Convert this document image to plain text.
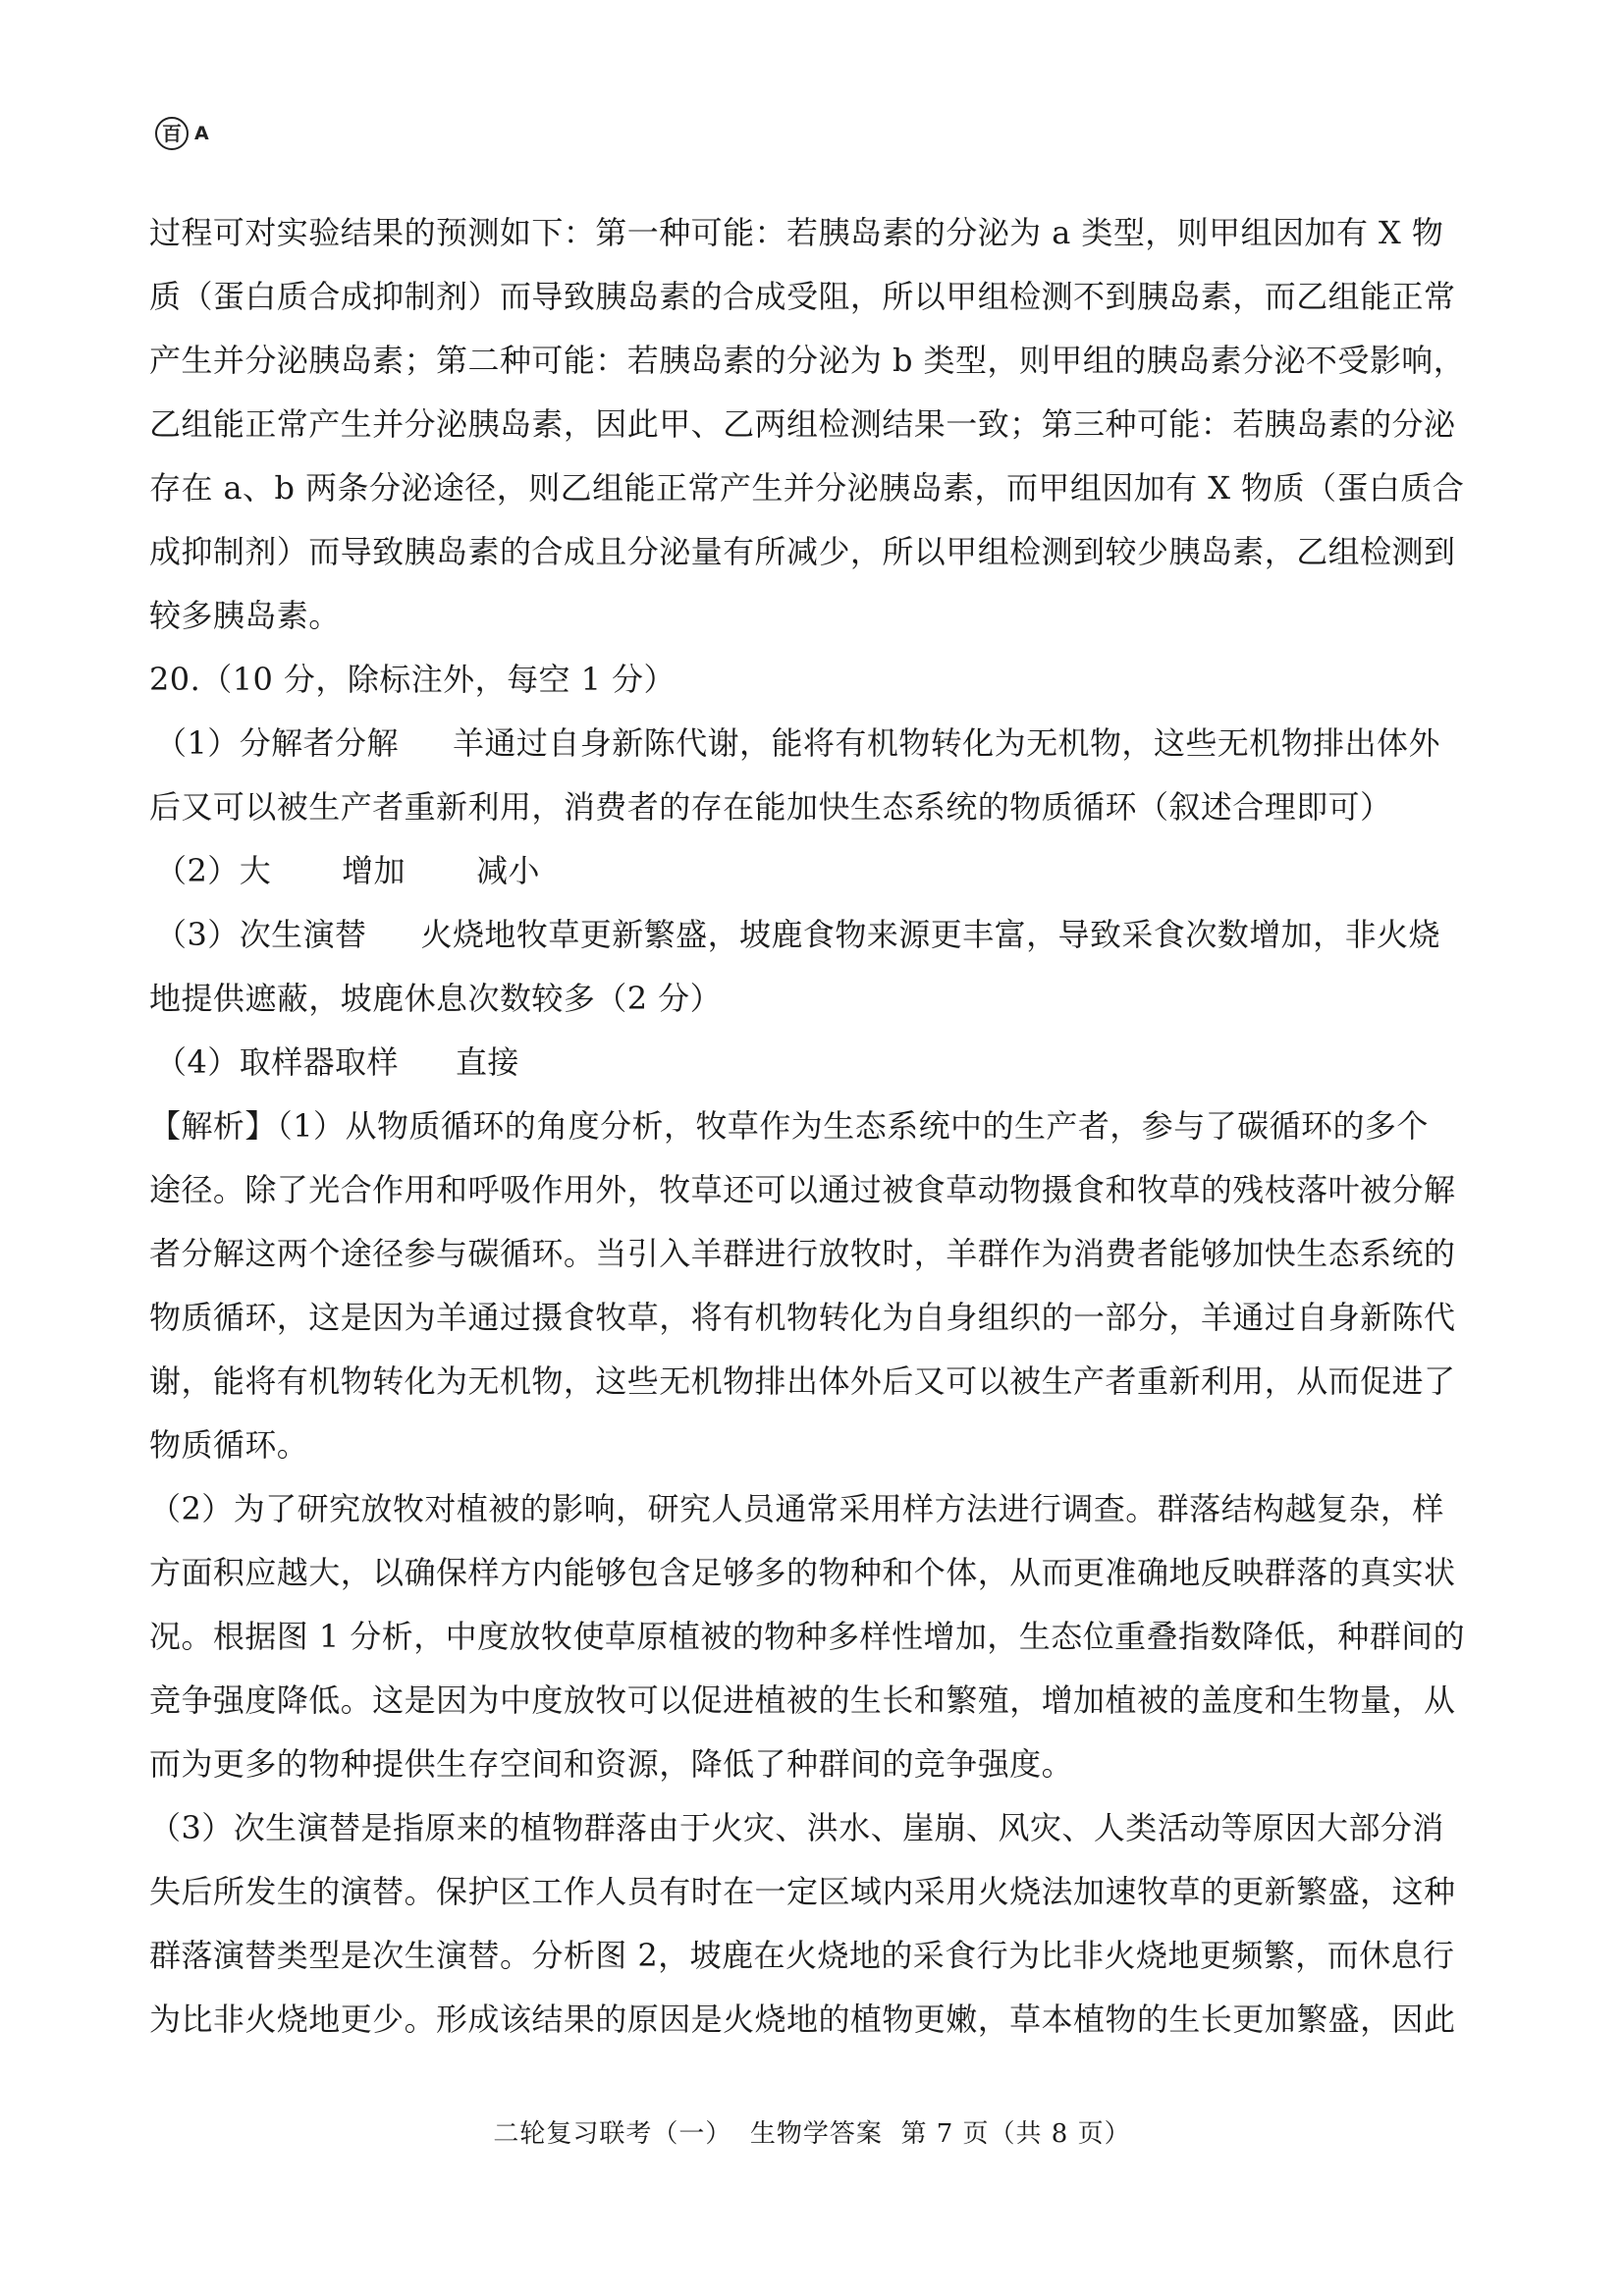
百 A
过程可对实验结果的预测如下：第一种可能：若胰岛素的分泌为 a 类型，则甲组因加有 X 物
质（蛋白质合成抑制剂）而导致胰岛素的合成受阻，所以甲组检测不到胰岛素，而乙组能正常
产生并分泌胰岛素；第二种可能：若胰岛素的分泌为 b 类型，则甲组的胰岛素分泌不受影响，
乙组能正常产生并分泌胰岛素，因此甲、乙两组检测结果一致；第三种可能：若胰岛素的分泌
存在 a、b 两条分泌途径，则乙组能正常产生并分泌胰岛素，而甲组因加有 X 物质（蛋白质合
成抑制剂）而导致胰岛素的合成且分泌量有所减少，所以甲组检测到较少胰岛素，乙组检测到
较多胰岛素。
20.（10 分，除标注外，每空 1 分）
（1）分解者分解 羊通过自身新陈代谢，能将有机物转化为无机物，这些无机物排出体外
后又可以被生产者重新利用，消费者的存在能加快生态系统的物质循环（叙述合理即可）
（2）大 增加 减小
（3）次生演替 火烧地牧草更新繁盛，坡鹿食物来源更丰富，导致采食次数增加，非火烧
地提供遮蔽，坡鹿休息次数较多（2 分）
（4）取样器取样 直接
【解析】（1）从物质循环的角度分析，牧草作为生态系统中的生产者，参与了碳循环的多个
途径。除了光合作用和呼吸作用外，牧草还可以通过被食草动物摄食和牧草的残枝落叶被分解
者分解这两个途径参与碳循环。当引入羊群进行放牧时，羊群作为消费者能够加快生态系统的
物质循环，这是因为羊通过摄食牧草，将有机物转化为自身组织的一部分，羊通过自身新陈代
谢，能将有机物转化为无机物，这些无机物排出体外后又可以被生产者重新利用，从而促进了
物质循环。
（2）为了研究放牧对植被的影响，研究人员通常采用样方法进行调查。群落结构越复杂，样
方面积应越大，以确保样方内能够包含足够多的物种和个体，从而更准确地反映群落的真实状
况。根据图 1 分析，中度放牧使草原植被的物种多样性增加，生态位重叠指数降低，种群间的
竞争强度降低。这是因为中度放牧可以促进植被的生长和繁殖，增加植被的盖度和生物量，从
而为更多的物种提供生存空间和资源，降低了种群间的竞争强度。
（3）次生演替是指原来的植物群落由于火灾、洪水、崖崩、风灾、人类活动等原因大部分消
失后所发生的演替。保护区工作人员有时在一定区域内采用火烧法加速牧草的更新繁盛，这种
群落演替类型是次生演替。分析图 2，坡鹿在火烧地的采食行为比非火烧地更频繁，而休息行
为比非火烧地更少。形成该结果的原因是火烧地的植物更嫩，草本植物的生长更加繁盛，因此
二轮复习联考（一）  生物学答案  第 7 页（共 8 页）
